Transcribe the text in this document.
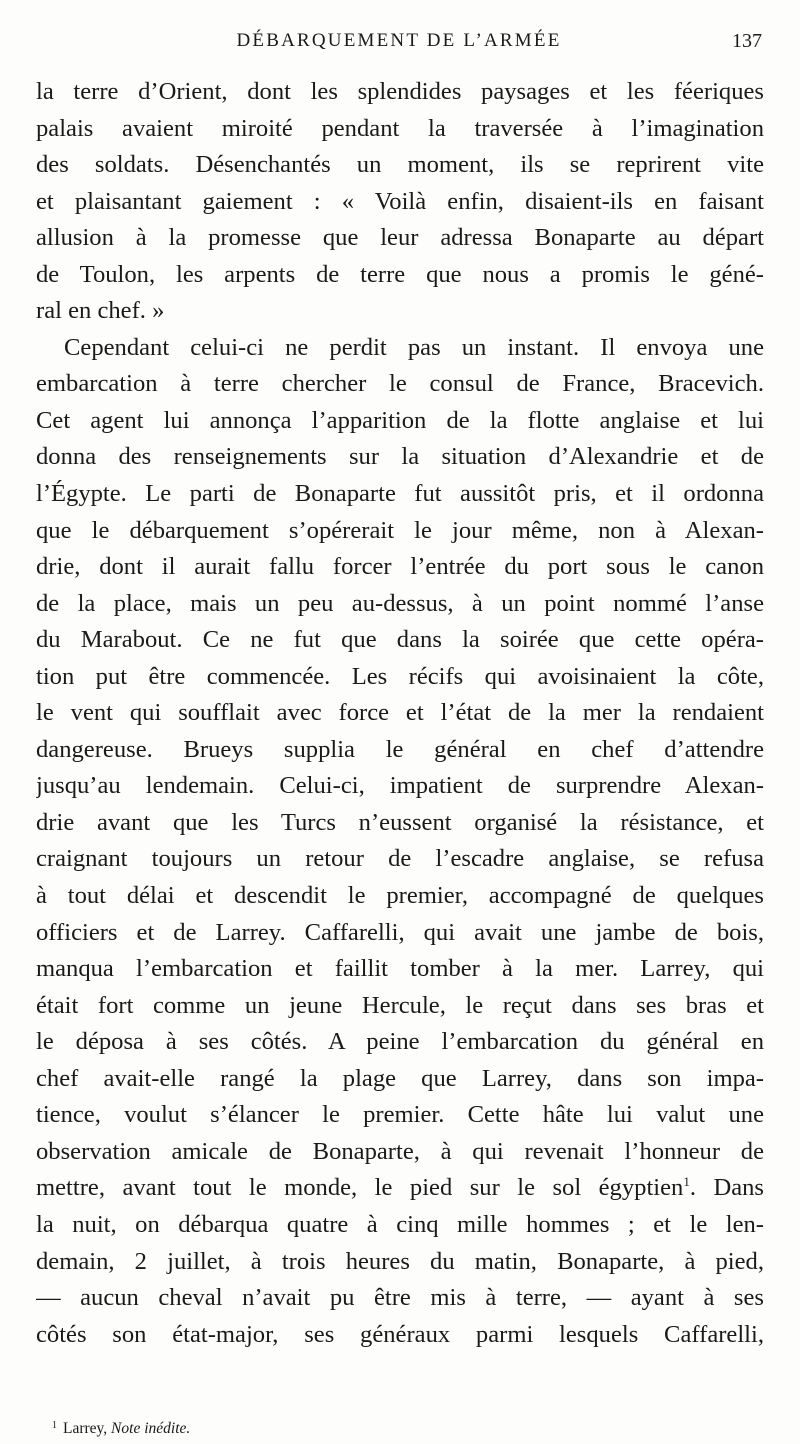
DÉBARQUEMENT DE L’ARMÉE	137
la terre d’Orient, dont les splendides paysages et les féeriques
palais avaient miroité pendant la traversée à l’imagination
des soldats. Désenchantés un moment, ils se reprirent vite
et plaisantant gaiement : « Voilà enfin, disaient-ils en faisant
allusion à la promesse que leur adressa Bonaparte au départ
de Toulon, les arpents de terre que nous a promis le géné-
ral en chef. »
Cependant celui-ci ne perdit pas un instant. Il envoya une
embarcation à terre chercher le consul de France, Bracevich.
Cet agent lui annonça l’apparition de la flotte anglaise et lui
donna des renseignements sur la situation d’Alexandrie et de
l’Égypte. Le parti de Bonaparte fut aussitôt pris, et il ordonna
que le débarquement s’opérerait le jour même, non à Alexan-
drie, dont il aurait fallu forcer l’entrée du port sous le canon
de la place, mais un peu au-dessus, à un point nommé l’anse
du Marabout. Ce ne fut que dans la soirée que cette opéra-
tion put être commencée. Les récifs qui avoisinaient la côte,
le vent qui soufflait avec force et l’état de la mer la rendaient
dangereuse. Brueys supplia le général en chef d’attendre
jusqu’au lendemain. Celui-ci, impatient de surprendre Alexan-
drie avant que les Turcs n’eussent organisé la résistance, et
craignant toujours un retour de l’escadre anglaise, se refusa
à tout délai et descendit le premier, accompagné de quelques
officiers et de Larrey. Caffarelli, qui avait une jambe de bois,
manqua l’embarcation et faillit tomber à la mer. Larrey, qui
était fort comme un jeune Hercule, le reçut dans ses bras et
le déposa à ses côtés. A peine l’embarcation du général en
chef avait-elle rangé la plage que Larrey, dans son impa-
tience, voulut s’élancer le premier. Cette hâte lui valut une
observation amicale de Bonaparte, à qui revenait l’honneur de
mettre, avant tout le monde, le pied sur le sol égyptien$^1$. Dans
la nuit, on débarqua quatre à cinq mille hommes ; et le len-
demain, 2 juillet, à trois heures du matin, Bonaparte, à pied,
— aucun cheval n’avait pu être mis à terre, — ayant à ses
côtés son état-major, ses généraux parmi lesquels Caffarelli,
$^1$ Larrey, Note inédite.
